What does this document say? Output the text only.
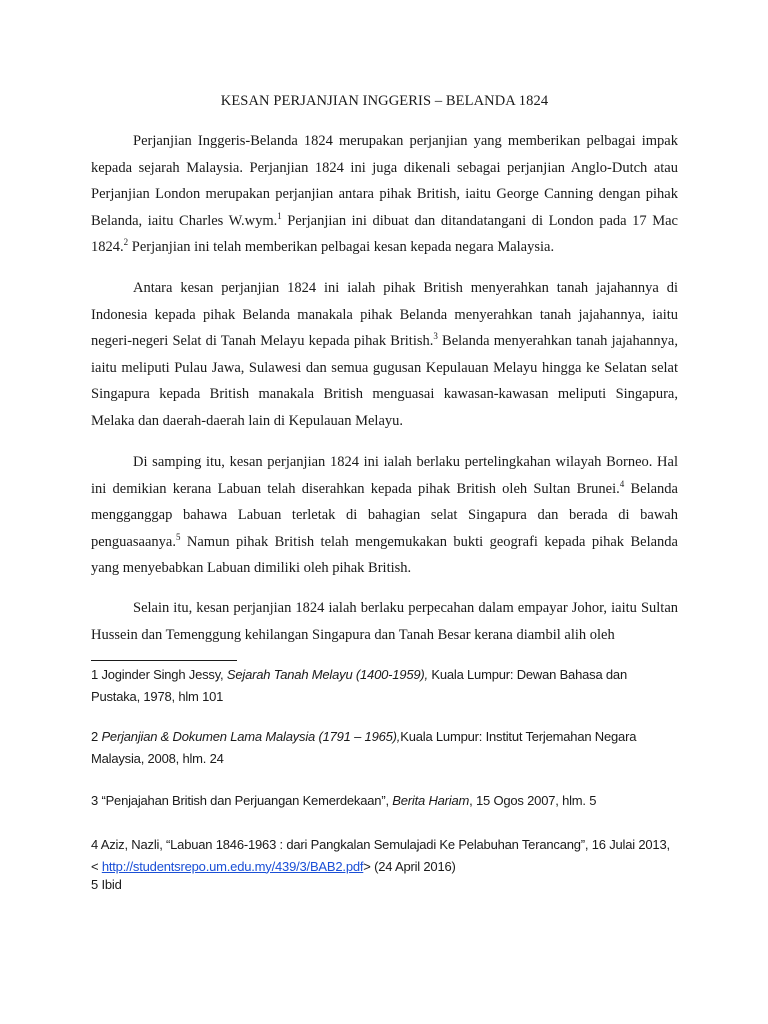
KESAN PERJANJIAN INGGERIS – BELANDA 1824

Perjanjian Inggeris-Belanda 1824 merupakan perjanjian yang memberikan pelbagai impak kepada sejarah Malaysia. Perjanjian 1824 ini juga dikenali sebagai perjanjian Anglo-Dutch atau Perjanjian London merupakan perjanjian antara pihak British, iaitu George Canning dengan pihak Belanda, iaitu Charles W.wym.$^1$ Perjanjian ini dibuat dan ditandatangani di London pada 17 Mac 1824.$^2$ Perjanjian ini telah memberikan pelbagai kesan kepada negara Malaysia.

Antara kesan perjanjian 1824 ini ialah pihak British menyerahkan tanah jajahannya di Indonesia kepada pihak Belanda manakala pihak Belanda menyerahkan tanah jajahannya, iaitu negeri-negeri Selat di Tanah Melayu kepada pihak British.$^3$ Belanda menyerahkan tanah jajahannya, iaitu meliputi Pulau Jawa, Sulawesi dan semua gugusan Kepulauan Melayu hingga ke Selatan selat Singapura kepada British manakala British menguasai kawasan-kawasan meliputi Singapura, Melaka dan daerah-daerah lain di Kepulauan Melayu.

Di samping itu, kesan perjanjian 1824 ini ialah berlaku pertelingkahan wilayah Borneo. Hal ini demikian kerana Labuan telah diserahkan kepada pihak British oleh Sultan Brunei.$^4$ Belanda mengganggap bahawa Labuan terletak di bahagian selat Singapura dan berada di bawah penguasaanya.$^5$ Namun pihak British telah mengemukakan bukti geografi kepada pihak Belanda yang menyebabkan Labuan dimiliki oleh pihak British.

Selain itu, kesan perjanjian 1824 ialah berlaku perpecahan dalam empayar Johor, iaitu Sultan Hussein dan Temenggung kehilangan Singapura dan Tanah Besar kerana diambil alih oleh

1 Joginder Singh Jessy, Sejarah Tanah Melayu (1400-1959), Kuala Lumpur: Dewan Bahasa dan Pustaka, 1978, hlm 101

2 Perjanjian & Dokumen Lama Malaysia (1791 – 1965),Kuala Lumpur: Institut Terjemahan Negara Malaysia, 2008, hlm. 24

3 “Penjajahan British dan Perjuangan Kemerdekaan”, Berita Hariam, 15 Ogos 2007, hlm. 5

4 Aziz, Nazli, “Labuan 1846-1963 : dari Pangkalan Semulajadi Ke Pelabuhan Terancang”, 16 Julai 2013, < http://studentsrepo.um.edu.my/439/3/BAB2.pdf> (24 April 2016)

5 Ibid
